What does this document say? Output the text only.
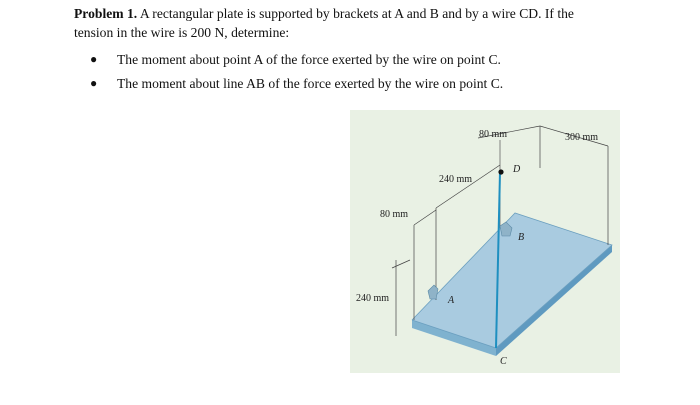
Problem 1. A rectangular plate is supported by brackets at A and B and by a wire CD. If the
tension in the wire is 200 N, determine:
● The moment about point A of the force exerted by the wire on point C.
● The moment about line AB of the force exerted by the wire on point C.
80 mm	300 mm
240 mm
80 mm
240 mm	A
B
C
D
